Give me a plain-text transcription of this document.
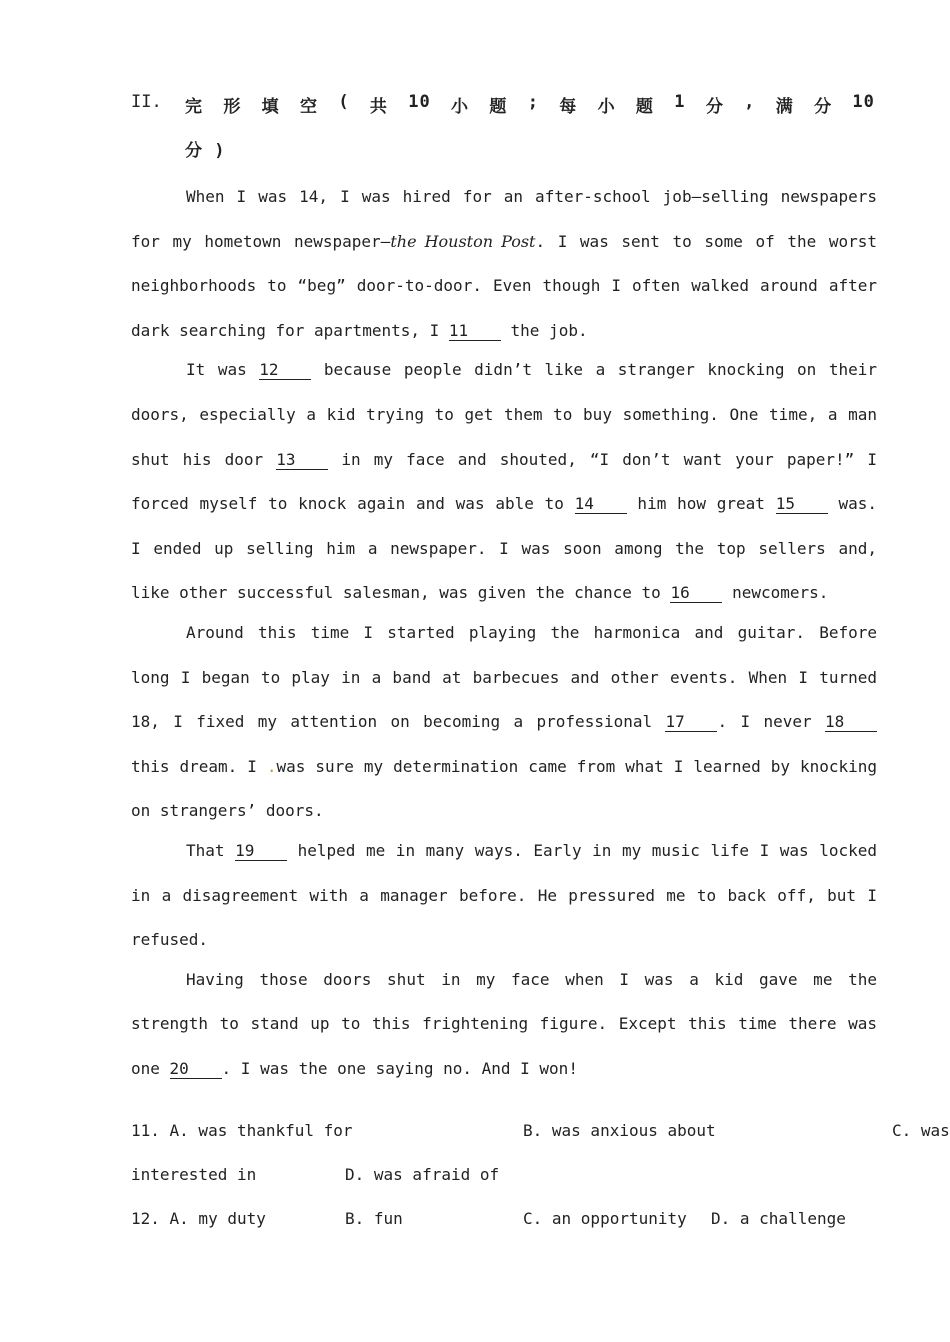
II. 完 形 填 空 ( 共 10 小 题 ; 每 小 题 1 分 , 满 分 10
分 )

When I was 14, I was hired for an after-school job—selling newspapers for my hometown newspaper—the Houston Post. I was sent to some of the worst neighborhoods to “beg” door-to-door. Even though I often walked around after dark searching for apartments, I 11 the job.

It was 12 because people didn’t like a stranger knocking on their doors, especially a kid trying to get them to buy something. One time, a man shut his door 13 in my face and shouted, “I don’t want your paper!” I forced myself to knock again and was able to 14 him how great 15 was. I ended up selling him a newspaper. I was soon among the top sellers and, like other successful salesman, was given the chance to 16 newcomers.

Around this time I started playing the harmonica and guitar. Before long I began to play in a band at barbecues and other events. When I turned 18, I fixed my attention on becoming a professional 17 . I never 18 this dream. I .was sure my determination came from what I learned by knocking on strangers’ doors.

That 19 helped me in many ways. Early in my music life I was locked in a disagreement with a manager before. He pressured me to back off, but I refused.

Having those doors shut in my face when I was a kid gave me the strength to stand up to this frightening figure. Except this time there was one 20 . I was the one saying no. And I won!

11. A. was thankful for	B. was anxious about	C. was
interested in	D. was afraid of
12. A. my duty	B. fun	C. an opportunity D. a challenge
